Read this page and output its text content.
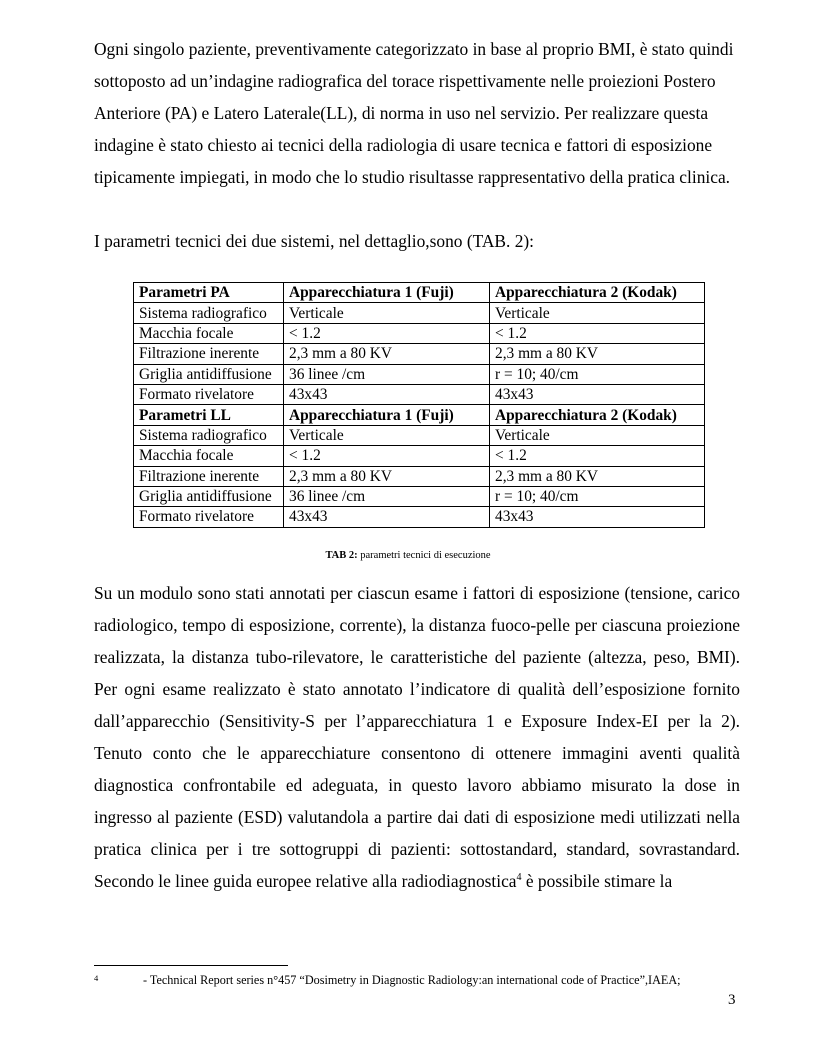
Ogni singolo paziente, preventivamente categorizzato in base al proprio BMI, è stato quindi sottoposto ad un’indagine radiografica del torace rispettivamente nelle proiezioni Postero Anteriore (PA) e Latero Laterale(LL), di norma in uso nel servizio. Per realizzare questa indagine è stato chiesto ai tecnici della radiologia di usare tecnica e fattori di esposizione tipicamente impiegati, in modo che lo studio risultasse rappresentativo della pratica clinica.

I parametri tecnici dei due sistemi, nel dettaglio,sono (TAB. 2):

Parametri PA	Apparecchiatura 1 (Fuji)	Apparecchiatura 2 (Kodak)
Sistema radiografico	Verticale	Verticale
Macchia focale	< 1.2	< 1.2
Filtrazione inerente	2,3 mm a 80 KV	2,3 mm a 80 KV
Griglia antidiffusione	36 linee /cm	r = 10; 40/cm
Formato rivelatore	43x43	43x43
Parametri LL	Apparecchiatura 1 (Fuji)	Apparecchiatura 2 (Kodak)
Sistema radiografico	Verticale	Verticale
Macchia focale	< 1.2	< 1.2
Filtrazione inerente	2,3 mm a 80 KV	2,3 mm a 80 KV
Griglia antidiffusione	36 linee /cm	r = 10; 40/cm
Formato rivelatore	43x43	43x43
TAB 2: parametri tecnici di esecuzione

Su un modulo sono stati annotati per ciascun esame i fattori di esposizione (tensione, carico radiologico, tempo di esposizione, corrente), la distanza fuoco-pelle per ciascuna proiezione realizzata, la distanza tubo-rilevatore, le caratteristiche del paziente (altezza, peso, BMI). Per ogni esame realizzato è stato annotato l’indicatore di qualità dell’esposizione fornito dall’apparecchio (Sensitivity-S per l’apparecchiatura 1 e Exposure Index-EI per la 2). Tenuto conto che le apparecchiature consentono di ottenere immagini aventi qualità diagnostica confrontabile ed adeguata, in questo lavoro abbiamo misurato la dose in ingresso al paziente (ESD) valutandola a partire dai dati di esposizione medi utilizzati nella pratica clinica per i tre sottogruppi di pazienti: sottostandard, standard, sovrastandard. Secondo le linee guida europee relative alla radiodiagnostica$^4$ è possibile stimare la

4	- Technical Report series n°457 “Dosimetry in Diagnostic Radiology:an international code of Practice”,IAEA;
3
